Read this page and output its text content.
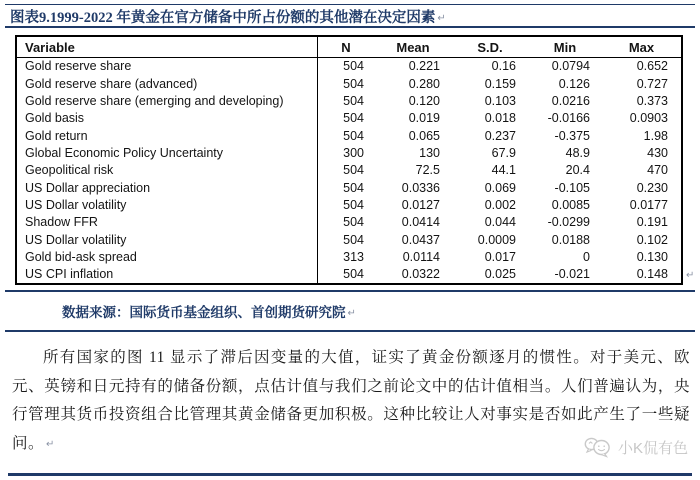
图表9.1999-2022 年黄金在官方储备中所占份额的其他潜在决定因素 ↵
Variable	N	Mean	S.D.	Min	Max
Gold reserve share	504	0.221	0.16	0.0794	0.652
Gold reserve share (advanced)	504	0.280	0.159	0.126	0.727
Gold reserve share (emerging and developing)	504	0.120	0.103	0.0216	0.373
Gold basis	504	0.019	0.018	-0.0166	0.0903
Gold return	504	0.065	0.237	-0.375	1.98
Global Economic Policy Uncertainty	300	130	67.9	48.9	430
Geopolitical risk	504	72.5	44.1	20.4	470
US Dollar appreciation	504	0.0336	0.069	-0.105	0.230
US Dollar volatility	504	0.0127	0.002	0.0085	0.0177
Shadow FFR	504	0.0414	0.044	-0.0299	0.191
US Dollar volatility	504	0.0437	0.0009	0.0188	0.102
Gold bid-ask spread	313	0.0114	0.017	0	0.130
US CPI inflation	504	0.0322	0.025	-0.021	0.148	↵
数据来源：国际货币基金组织、首创期货研究院 ↵
所有国家的图 11 显示了滞后因变量的大值，证实了黄金份额逐月的惯性。对于美元、欧元、英镑和日元持有的储备份额，点估计值与我们之前论文中的估计值相当。人们普遍认为，央行管理其货币投资组合比管理其黄金储备更加积极。这种比较让人对事实是否如此产生了一些疑问。 ↵	小K侃有色
